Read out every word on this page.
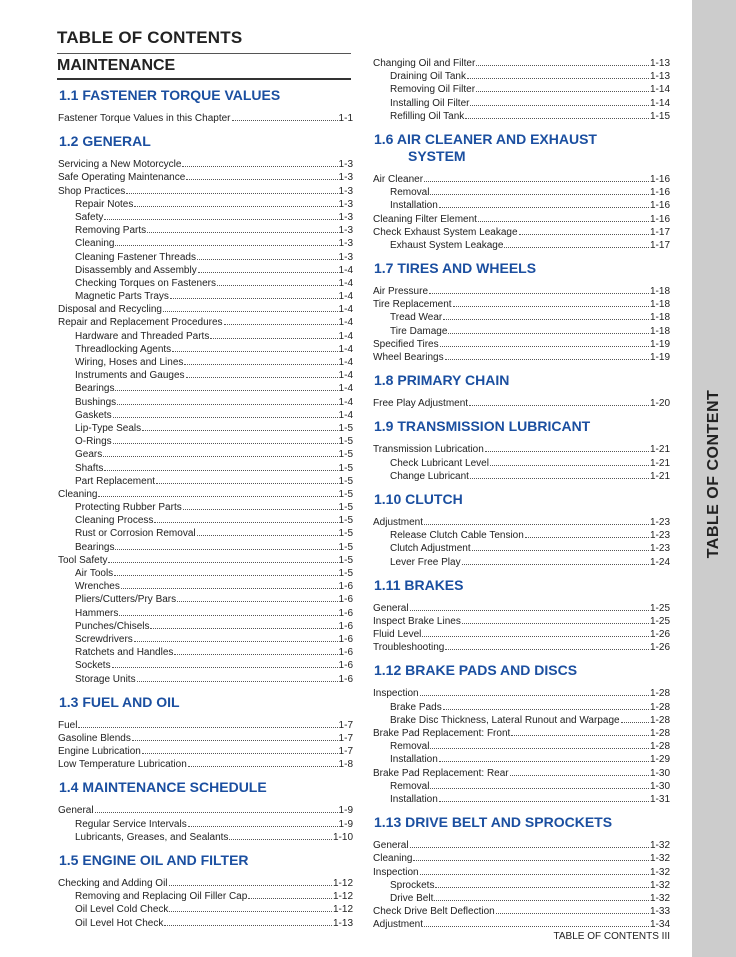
TABLE OF CONTENTS
MAINTENANCE
1.1 FASTENER TORQUE VALUES
Fastener Torque Values in this Chapter	1-1
1.2 GENERAL
Servicing a New Motorcycle	1-3
Safe Operating Maintenance	1-3
Shop Practices	1-3
Repair Notes	1-3
Safety	1-3
Removing Parts	1-3
Cleaning	1-3
Cleaning Fastener Threads	1-3
Disassembly and Assembly	1-4
Checking Torques on Fasteners	1-4
Magnetic Parts Trays	1-4
Disposal and Recycling	1-4
Repair and Replacement Procedures	1-4
Hardware and Threaded Parts	1-4
Threadlocking Agents	1-4
Wiring, Hoses and Lines	1-4
Instruments and Gauges	1-4
Bearings	1-4
Bushings	1-4
Gaskets	1-4
Lip-Type Seals	1-5
O-Rings	1-5
Gears	1-5
Shafts	1-5
Part Replacement	1-5
Cleaning	1-5
Protecting Rubber Parts	1-5
Cleaning Process	1-5
Rust or Corrosion Removal	1-5
Bearings	1-5
Tool Safety	1-5
Air Tools	1-5
Wrenches	1-6
Pliers/Cutters/Pry Bars	1-6
Hammers	1-6
Punches/Chisels	1-6
Screwdrivers	1-6
Ratchets and Handles	1-6
Sockets	1-6
Storage Units	1-6
1.3 FUEL AND OIL
Fuel	1-7
Gasoline Blends	1-7
Engine Lubrication	1-7
Low Temperature Lubrication	1-8
1.4 MAINTENANCE SCHEDULE
General	1-9
Regular Service Intervals	1-9
Lubricants, Greases, and Sealants	1-10
1.5 ENGINE OIL AND FILTER
Checking and Adding Oil	1-12
Removing and Replacing Oil Filler Cap	1-12
Oil Level Cold Check	1-12
Oil Level Hot Check	1-13
Changing Oil and Filter	1-13
Draining Oil Tank	1-13
Removing Oil Filter	1-14
Installing Oil Filter	1-14
Refilling Oil Tank	1-15
1.6 AIR CLEANER AND EXHAUST
SYSTEM
Air Cleaner	1-16
Removal	1-16
Installation	1-16
Cleaning Filter Element	1-16
Check Exhaust System Leakage	1-17
Exhaust System Leakage	1-17
1.7 TIRES AND WHEELS
Air Pressure	1-18
Tire Replacement	1-18
Tread Wear	1-18
Tire Damage	1-18
Specified Tires	1-19
Wheel Bearings	1-19
1.8 PRIMARY CHAIN
Free Play Adjustment	1-20
1.9 TRANSMISSION LUBRICANT
Transmission Lubrication	1-21
Check Lubricant Level	1-21
Change Lubricant	1-21
1.10 CLUTCH
Adjustment	1-23
Release Clutch Cable Tension	1-23
Clutch Adjustment	1-23
Lever Free Play	1-24
1.11 BRAKES
General	1-25
Inspect Brake Lines	1-25
Fluid Level	1-26
Troubleshooting	1-26
1.12 BRAKE PADS AND DISCS
Inspection	1-28
Brake Pads	1-28
Brake Disc Thickness, Lateral Runout and Warpage	1-28
Brake Pad Replacement: Front	1-28
Removal	1-28
Installation	1-29
Brake Pad Replacement: Rear	1-30
Removal	1-30
Installation	1-31
1.13 DRIVE BELT AND SPROCKETS
General	1-32
Cleaning	1-32
Inspection	1-32
Sprockets	1-32
Drive Belt	1-32
Check Drive Belt Deflection	1-33
Adjustment	1-34
TABLE OF CONTENT
TABLE OF CONTENTS III
